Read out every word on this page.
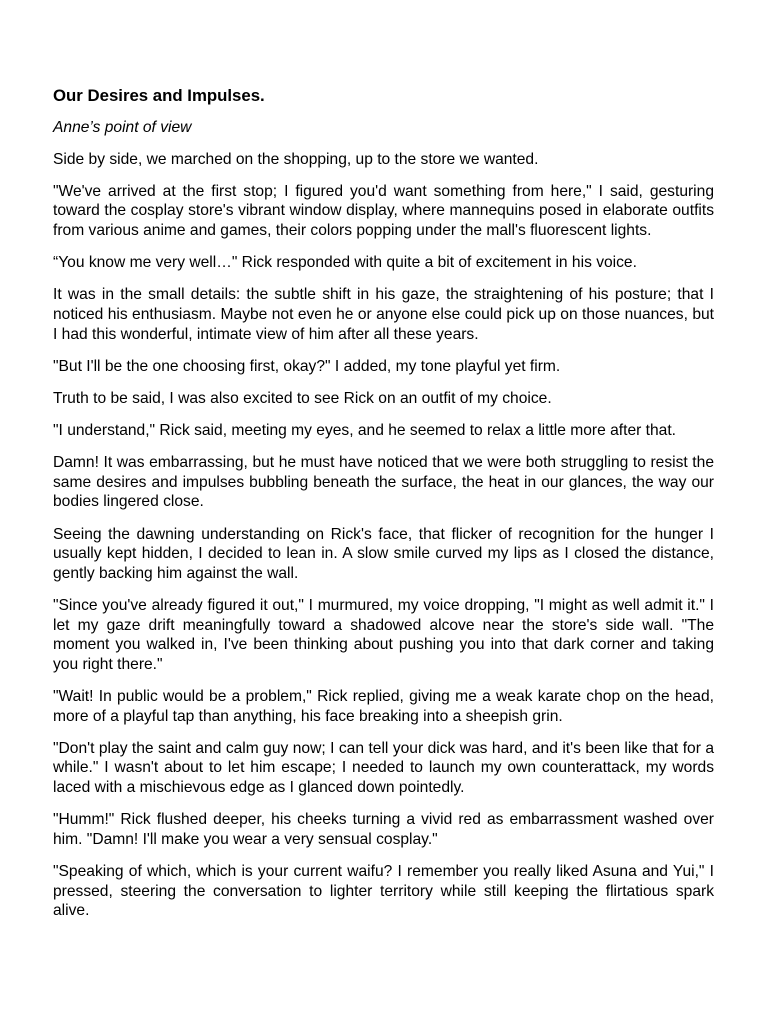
Our Desires and Impulses.

Anne’s point of view

Side by side, we marched on the shopping, up to the store we wanted.

"We've arrived at the first stop; I figured you'd want something from here," I said, gesturing toward the cosplay store's vibrant window display, where mannequins posed in elaborate outfits from various anime and games, their colors popping under the mall's fluorescent lights.

“You know me very well…" Rick responded with quite a bit of excitement in his voice.

It was in the small details: the subtle shift in his gaze, the straightening of his posture; that I noticed his enthusiasm. Maybe not even he or anyone else could pick up on those nuances, but I had this wonderful, intimate view of him after all these years.

"But I'll be the one choosing first, okay?" I added, my tone playful yet firm.

Truth to be said, I was also excited to see Rick on an outfit of my choice.

"I understand," Rick said, meeting my eyes, and he seemed to relax a little more after that.

Damn! It was embarrassing, but he must have noticed that we were both struggling to resist the same desires and impulses bubbling beneath the surface, the heat in our glances, the way our bodies lingered close.

Seeing the dawning understanding on Rick's face, that flicker of recognition for the hunger I usually kept hidden, I decided to lean in. A slow smile curved my lips as I closed the distance, gently backing him against the wall.

"Since you've already figured it out," I murmured, my voice dropping, "I might as well admit it." I let my gaze drift meaningfully toward a shadowed alcove near the store's side wall. "The moment you walked in, I've been thinking about pushing you into that dark corner and taking you right there."

"Wait! In public would be a problem," Rick replied, giving me a weak karate chop on the head, more of a playful tap than anything, his face breaking into a sheepish grin.

"Don't play the saint and calm guy now; I can tell your dick was hard, and it's been like that for a while." I wasn't about to let him escape; I needed to launch my own counterattack, my words laced with a mischievous edge as I glanced down pointedly.

"Humm!" Rick flushed deeper, his cheeks turning a vivid red as embarrassment washed over him. "Damn! I'll make you wear a very sensual cosplay."

"Speaking of which, which is your current waifu? I remember you really liked Asuna and Yui," I pressed, steering the conversation to lighter territory while still keeping the flirtatious spark alive.
